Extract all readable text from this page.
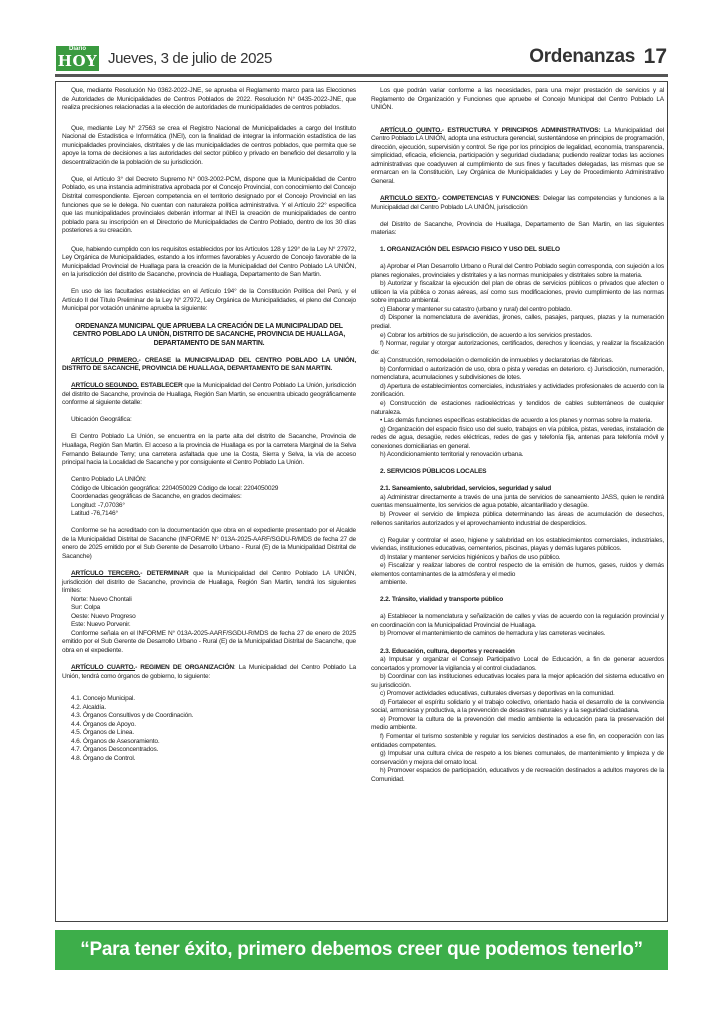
Diario
HOY Jueves, 3 de julio de 2025	Ordenanzas 17

Que, mediante Resolución No 0362-2022-JNE, se aprueba el Reglamento marco para las Elecciones de Autoridades de Municipalidades de Centros Poblados de 2022. Resolución N° 0435-2022-JNE, que realiza precisiones relacionadas a la elección de autoridades de municipalidades de centros poblados.

Que, mediante Ley N° 27563 se crea el Registro Nacional de Municipalidades a cargo del Instituto Nacional de Estadística e Informática (INEI), con la finalidad de integrar la información estadística de las municipalidades provinciales, distritales y de las municipalidades de centros poblados, que permita que se apoye la toma de decisiones a las autoridades del sector público y privado en beneficio del desarrollo y la descentralización de la población de su jurisdicción.

Que, el Artículo 3° del Decreto Supremo N° 003-2002-PCM, dispone que la Municipalidad de Centro Poblado, es una instancia administrativa aprobada por el Concejo Provincial, con conocimiento del Concejo Distrital correspondiente. Ejercen competencia en el territorio designado por el Concejo Provincial en las funciones que se le delega. No cuentan con naturaleza política administrativa. Y el Artículo 22° especifica que las municipalidades provinciales deberán informar al INEI la creación de municipalidades de centro poblado para su inscripción en el Directorio de Municipalidades de Centro Poblado, dentro de los 30 días posteriores a su creación.

Que, habiendo cumplido con los requisitos establecidos por los Artículos 128 y 129° de la Ley N° 27972, Ley Orgánica de Municipalidades, estando a los informes favorables y Acuerdo de Concejo favorable de la Municipalidad Provincial de Huallaga para la creación de la Municipalidad del Centro Poblado LA UNIÓN, en la jurisdicción del distrito de Sacanche, provincia de Huallaga, Departamento de San Martin.

En uso de las facultades establecidas en el Artículo 194° de la Constitución Política del Perú, y el Artículo II del Título Preliminar de la Ley N° 27972, Ley Orgánica de Municipalidades, el pleno del Concejo Municipal por votación unánime aprueba la siguiente:

ORDENANZA MUNICIPAL QUE APRUEBA LA CREACIÓN DE LA MUNICIPALIDAD DEL CENTRO POBLADO LA UNIÓN, DISTRITO DE SACANCHE, PROVINCIA DE HUALLAGA, DEPARTAMENTO DE SAN MARTIN.

ARTÍCULO PRIMERO.- CREASE la MUNICIPALIDAD DEL CENTRO POBLADO LA UNIÓN, DISTRITO DE SACANCHE, PROVINCIA DE HUALLAGA, DEPARTAMENTO DE SAN MARTIN.

ARTÍCULO SEGUNDO. ESTABLECER que la Municipalidad del Centro Poblado La Unión, jurisdicción del distrito de Sacanche, provincia de Huallaga, Región San Martin, se encuentra ubicado geográficamente conforme al siguiente detalle:

Ubicación Geográfica:

El Centro Poblado La Unión, se encuentra en la parte alta del distrito de Sacanche, Provincia de Huallaga, Región San Martin. El acceso a la provincia de Huallaga es por la carretera Marginal de la Selva Fernando Belaunde Terry; una carretera asfaltada que une la Costa, Sierra y Selva, la vía de acceso principal hacia la Localidad de Sacanche y por consiguiente el Centro Poblado La Unión.

Centro Poblado LA UNIÓN:

Código de Ubicación geográfica: 2204050029 Código de local: 2204050029

Coordenadas geográficas de Sacanche, en grados decimales:

Longitud: -7,07036°

Latitud -76,7146°

Conforme se ha acreditado con la documentación que obra en el expediente presentado por el Alcalde de la Municipalidad Distrital de Sacanche (INFORME N° 013A-2025-AARF/SGDU-R/MDS de fecha 27 de enero de 2025 emitido por el Sub Gerente de Desarrollo Urbano - Rural (E) de la Municipalidad Distrital de Sacanche)

ARTÍCULO TERCERO.- DETERMINAR que la Municipalidad del Centro Poblado LA UNIÓN, jurisdicción del distrito de Sacanche, provincia de Huallaga, Región San Martin, tendrá los siguientes límites:

Norte: Nuevo Chontali

Sur: Colpa

Oeste: Nuevo Progreso

Este: Nuevo Porvenir.

Conforme señala en el INFORME N° 013A-2025-AARF/SGDU-R/MDS de fecha 27 de enero de 2025 emitido por el Sub Gerente de Desarrollo Urbano - Rural (E) de la Municipalidad Distrital de Sacanche, que obra en el expediente.

ARTÍCULO CUARTO.- REGIMEN DE ORGANIZACIÓN: La Municipalidad del Centro Poblado La Unión, tendrá como órganos de gobierno, lo siguiente:

4.1. Concejo Municipal.

4.2. Alcaldía.

4.3. Órganos Consultivos y de Coordinación.

4.4. Órganos de Apoyo.

4.5. Órganos de Línea.

4.6. Órganos de Asesoramiento.

4.7. Órganos Desconcentrados.

4.8. Órgano de Control.

Los que podrán variar conforme a las necesidades, para una mejor prestación de servicios y al Reglamento de Organización y Funciones que apruebe el Concejo Municipal del Centro Poblado LA UNIÓN.

ARTÍCULO QUINTO.- ESTRUCTURA Y PRINCIPIOS ADMINISTRATIVOS: La Municipalidad del Centro Poblado LA UNIÓN, adopta una estructura gerencial, sustentándose en principios de programación, dirección, ejecución, supervisión y control. Se rige por los principios de legalidad, economía, transparencia, simplicidad, eficacia, eficiencia, participación y seguridad ciudadana; pudiendo realizar todas las acciones administrativas que coadyuven al cumplimiento de sus fines y facultades delegadas, las mismas que se enmarcan en la Constitución, Ley Orgánica de Municipalidades y Ley de Procedimiento Administrativo General.

ARTICULO SEXTO.- COMPETENCIAS Y FUNCIONES: Delegar las competencias y funciones a la Municipalidad del Centro Poblado LA UNIÓN, jurisdicción

del Distrito de Sacanche, Provincia de Huallaga, Departamento de San Martin, en las siguientes materias:

1. ORGANIZACIÓN DEL ESPACIO FISICO Y USO DEL SUELO

a) Aprobar el Plan Desarrollo Urbano o Rural del Centro Poblado según corresponda, con sujeción a los planes regionales, provinciales y distritales y a las normas municipales y distritales sobre la materia.

b) Autorizar y fiscalizar la ejecución del plan de obras de servicios públicos o privados que afecten o utilicen la vía pública o zonas aéreas, así como sus modificaciones, previo cumplimiento de las normas sobre impacto ambiental.

c) Elaborar y mantener su catastro (urbano y rural) del centro poblado.

d) Disponer la nomenclatura de avenidas, jirones, calles, pasajes, parques, plazas y la numeración predial.

e) Cobrar los arbitrios de su jurisdicción, de acuerdo a los servicios prestados.

f) Normar, regular y otorgar autorizaciones, certificados, derechos y licencias, y realizar la fiscalización de:

a) Construcción, remodelación o demolición de inmuebles y declaratorias de fábricas.

b) Conformidad o autorización de uso, obra o pista y veredas en deterioro. c) Jurisdicción, numeración, nomenclatura, acumulaciones y subdivisiones de lotes.

d) Apertura de establecimientos comerciales, industriales y actividades profesionales de acuerdo con la zonificación.

e) Construcción de estaciones radioeléctricas y tendidos de cables subterráneos de cualquier naturaleza.

• Las demás funciones específicas establecidas de acuerdo a los planes y normas sobre la materia.

g) Organización del espacio físico uso del suelo, trabajos en vía pública, pistas, veredas, instalación de redes de agua, desagüe, redes eléctricas, redes de gas y telefonía fija, antenas para telefonía móvil y conexiones domiciliarias en general.

h) Acondicionamiento territorial y renovación urbana.

2. SERVICIOS PÚBLICOS LOCALES

2.1. Saneamiento, salubridad, servicios, seguridad y salud

a) Administrar directamente a través de una junta de servicios de saneamiento JASS, quien le rendirá cuentas mensualmente, los servicios de agua potable, alcantarillado y desagüe.

b) Proveer el servicio de limpieza pública determinando las áreas de acumulación de desechos, rellenos sanitarios autorizados y el aprovechamiento industrial de desperdicios.

c) Regular y controlar el aseo, higiene y salubridad en los establecimientos comerciales, industriales, viviendas, instituciones educativas, cementerios, piscinas, playas y demás lugares públicos.

d) Instalar y mantener servicios higiénicos y baños de uso público.

e) Fiscalizar y realizar labores de control respecto de la emisión de humos, gases, ruidos y demás elementos contaminantes de la atmósfera y el medio

ambiente.

2.2. Tránsito, vialidad y transporte público

a) Establecer la nomenclatura y señalización de calles y vías de acuerdo con la regulación provincial y en coordinación con la Municipalidad Provincial de Huallaga.

b) Promover el mantenimiento de caminos de herradura y las carreteras vecinales.

2.3. Educación, cultura, deportes y recreación

a) Impulsar y organizar el Consejo Participativo Local de Educación, a fin de generar acuerdos concertados y promover la vigilancia y el control ciudadanos.

b) Coordinar con las instituciones educativas locales para la mejor aplicación del sistema educativo en su jurisdicción.

c) Promover actividades educativas, culturales diversas y deportivas en la comunidad.

d) Fortalecer el espíritu solidario y el trabajo colectivo, orientado hacia el desarrollo de la convivencia social, armoniosa y productiva, a la prevención de desastres naturales y a la seguridad ciudadana.

e) Promover la cultura de la prevención del medio ambiente la educación para la preservación del medio ambiente.

f) Fomentar el turismo sostenible y regular los servicios destinados a ese fin, en cooperación con las entidades competentes.

g) Impulsar una cultura cívica de respeto a los bienes comunales, de mantenimiento y limpieza y de conservación y mejora del ornato local.

h) Promover espacios de participación, educativos y de recreación destinados a adultos mayores de la Comunidad.

“Para tener éxito, primero debemos creer que podemos tenerlo”
